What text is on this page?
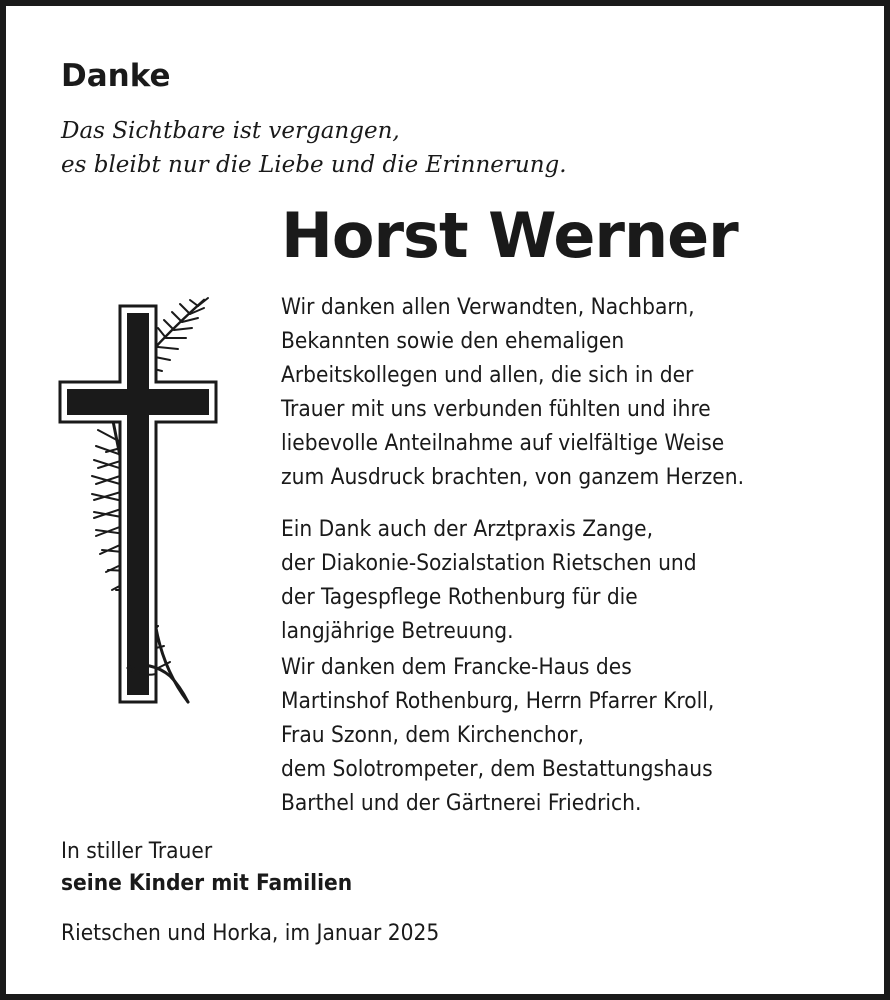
Danke
Das Sichtbare ist vergangen,
es bleibt nur die Liebe und die Erinnerung.
Horst Werner
Wir danken allen Verwandten, Nachbarn,
Bekannten sowie den ehemaligen
Arbeitskollegen und allen, die sich in der
Trauer mit uns verbunden fühlten und ihre
liebevolle Anteilnahme auf vielfältige Weise
zum Ausdruck brachten, von ganzem Herzen.
Ein Dank auch der Arztpraxis Zange,
der Diakonie-Sozialstation Rietschen und
der Tagespflege Rothenburg für die
langjährige Betreuung.
Wir danken dem Francke-Haus des
Martinshof Rothenburg, Herrn Pfarrer Kroll,
Frau Szonn, dem Kirchenchor,
dem Solotrompeter, dem Bestattungshaus
Barthel und der Gärtnerei Friedrich.
In stiller Trauer
seine Kinder mit Familien
Rietschen und Horka, im Januar 2025
